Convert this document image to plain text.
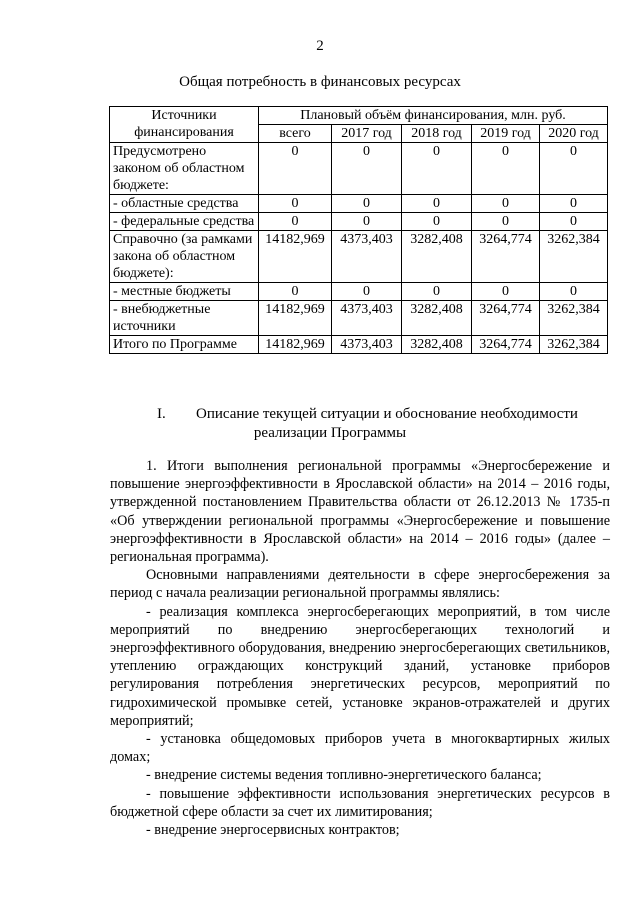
2
Общая потребность в финансовых ресурсах
Источники финансирования	Плановый объём финансирования, млн. руб.				
	всего	2017 год	2018 год	2019 год	2020 год
Предусмотрено законом об областном бюджете:	0	0	0	0	0
- областные средства	0	0	0	0	0
- федеральные средства	0	0	0	0	0
Справочно (за рамками закона об областном бюджете):	14182,969	4373,403	3282,408	3264,774	3262,384
- местные бюджеты	0	0	0	0	0
- внебюджетные источники	14182,969	4373,403	3282,408	3264,774	3262,384
Итого по Программе	14182,969	4373,403	3282,408	3264,774	3262,384
I. Описание текущей ситуации и обоснование необходимости
реализации Программы

1. Итоги выполнения региональной программы «Энергосбережение и повышение энергоэффективности в Ярославской области» на 2014 – 2016 годы, утвержденной постановлением Правительства области от 26.12.2013 № 1735-п «Об утверждении региональной программы «Энергосбережение и повышение энергоэффективности в Ярославской области» на 2014 – 2016 годы» (далее – региональная программа).

Основными направлениями деятельности в сфере энергосбережения за период с начала реализации региональной программы являлись:

- реализация комплекса энергосберегающих мероприятий, в том числе мероприятий по внедрению энергосберегающих технологий и энергоэффективного оборудования, внедрению энергосберегающих светильников, утеплению ограждающих конструкций зданий, установке приборов регулирования потребления энергетических ресурсов, мероприятий по гидрохимической промывке сетей, установке экранов-отражателей и других мероприятий;

- установка общедомовых приборов учета в многоквартирных жилых домах;

- внедрение системы ведения топливно-энергетического баланса;

- повышение эффективности использования энергетических ресурсов в бюджетной сфере области за счет их лимитирования;

- внедрение энергосервисных контрактов;
